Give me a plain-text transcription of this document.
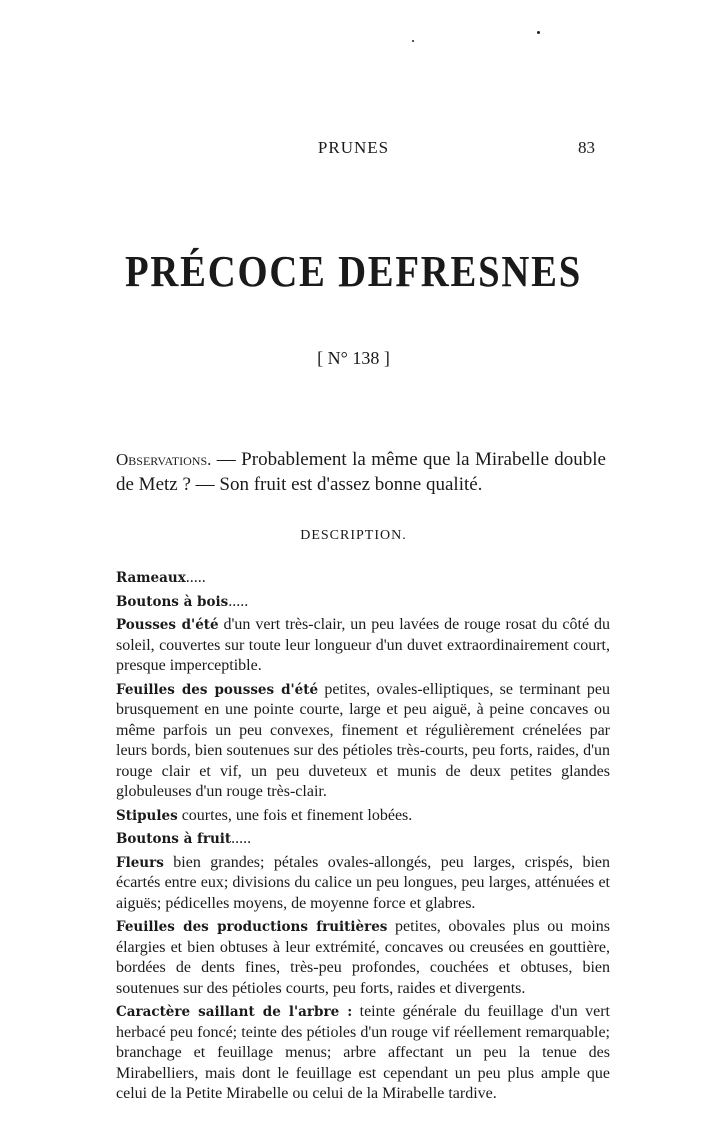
PRUNES	83
PRÉCOCE DEFRESNES
[ N° 138 ]
Observations. — Probablement la même que la Mirabelle double de Metz ? — Son fruit est d'assez bonne qualité.
DESCRIPTION.

Rameaux.....

Boutons à bois.....

Pousses d'été d'un vert très-clair, un peu lavées de rouge rosat du côté du soleil, couvertes sur toute leur longueur d'un duvet extraordinairement court, presque imperceptible.

Feuilles des pousses d'été petites, ovales-elliptiques, se terminant peu brusquement en une pointe courte, large et peu aiguë, à peine concaves ou même parfois un peu convexes, finement et régulièrement crénelées par leurs bords, bien soutenues sur des pétioles très-courts, peu forts, raides, d'un rouge clair et vif, un peu duveteux et munis de deux petites glandes globuleuses d'un rouge très-clair.

Stipules courtes, une fois et finement lobées.

Boutons à fruit.....

Fleurs bien grandes; pétales ovales-allongés, peu larges, crispés, bien écartés entre eux; divisions du calice un peu longues, peu larges, atténuées et aiguës; pédicelles moyens, de moyenne force et glabres.

Feuilles des productions fruitières petites, obovales plus ou moins élargies et bien obtuses à leur extrémité, concaves ou creusées en gouttière, bordées de dents fines, très-peu profondes, couchées et obtuses, bien soutenues sur des pétioles courts, peu forts, raides et divergents.

Caractère saillant de l'arbre : teinte générale du feuillage d'un vert herbacé peu foncé; teinte des pétioles d'un rouge vif réellement remarquable; branchage et feuillage menus; arbre affectant un peu la tenue des Mirabelliers, mais dont le feuillage est cependant un peu plus ample que celui de la Petite Mirabelle ou celui de la Mirabelle tardive.
